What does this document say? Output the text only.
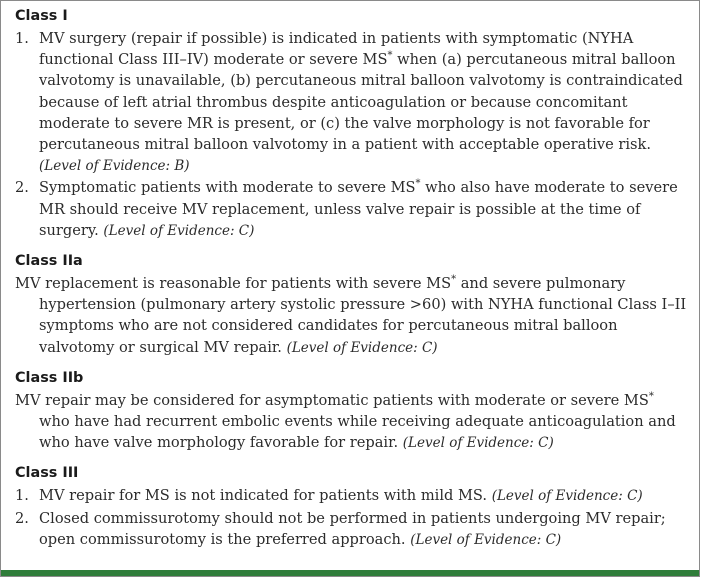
Class I
1. MV surgery (repair if possible) is indicated in patients with symptomatic (NYHA functional Class III–IV) moderate or severe MS* when (a) percutaneous mitral balloon valvotomy is unavailable, (b) percutaneous mitral balloon valvotomy is contraindicated because of left atrial thrombus despite anticoagulation or because concomitant moderate to severe MR is present, or (c) the valve morphology is not favorable for percutaneous mitral balloon valvotomy in a patient with acceptable operative risk. (Level of Evidence: B)
2. Symptomatic patients with moderate to severe MS* who also have moderate to severe MR should receive MV replacement, unless valve repair is possible at the time of surgery. (Level of Evidence: C)
Class IIa
MV replacement is reasonable for patients with severe MS* and severe pulmonary hypertension (pulmonary artery systolic pressure >60) with NYHA functional Class I–II symptoms who are not considered candidates for percutaneous mitral balloon valvotomy or surgical MV repair. (Level of Evidence: C)
Class IIb
MV repair may be considered for asymptomatic patients with moderate or severe MS* who have had recurrent embolic events while receiving adequate anticoagulation and who have valve morphology favorable for repair. (Level of Evidence: C)
Class III
1. MV repair for MS is not indicated for patients with mild MS. (Level of Evidence: C)
2. Closed commissurotomy should not be performed in patients undergoing MV repair; open commissurotomy is the preferred approach. (Level of Evidence: C)
